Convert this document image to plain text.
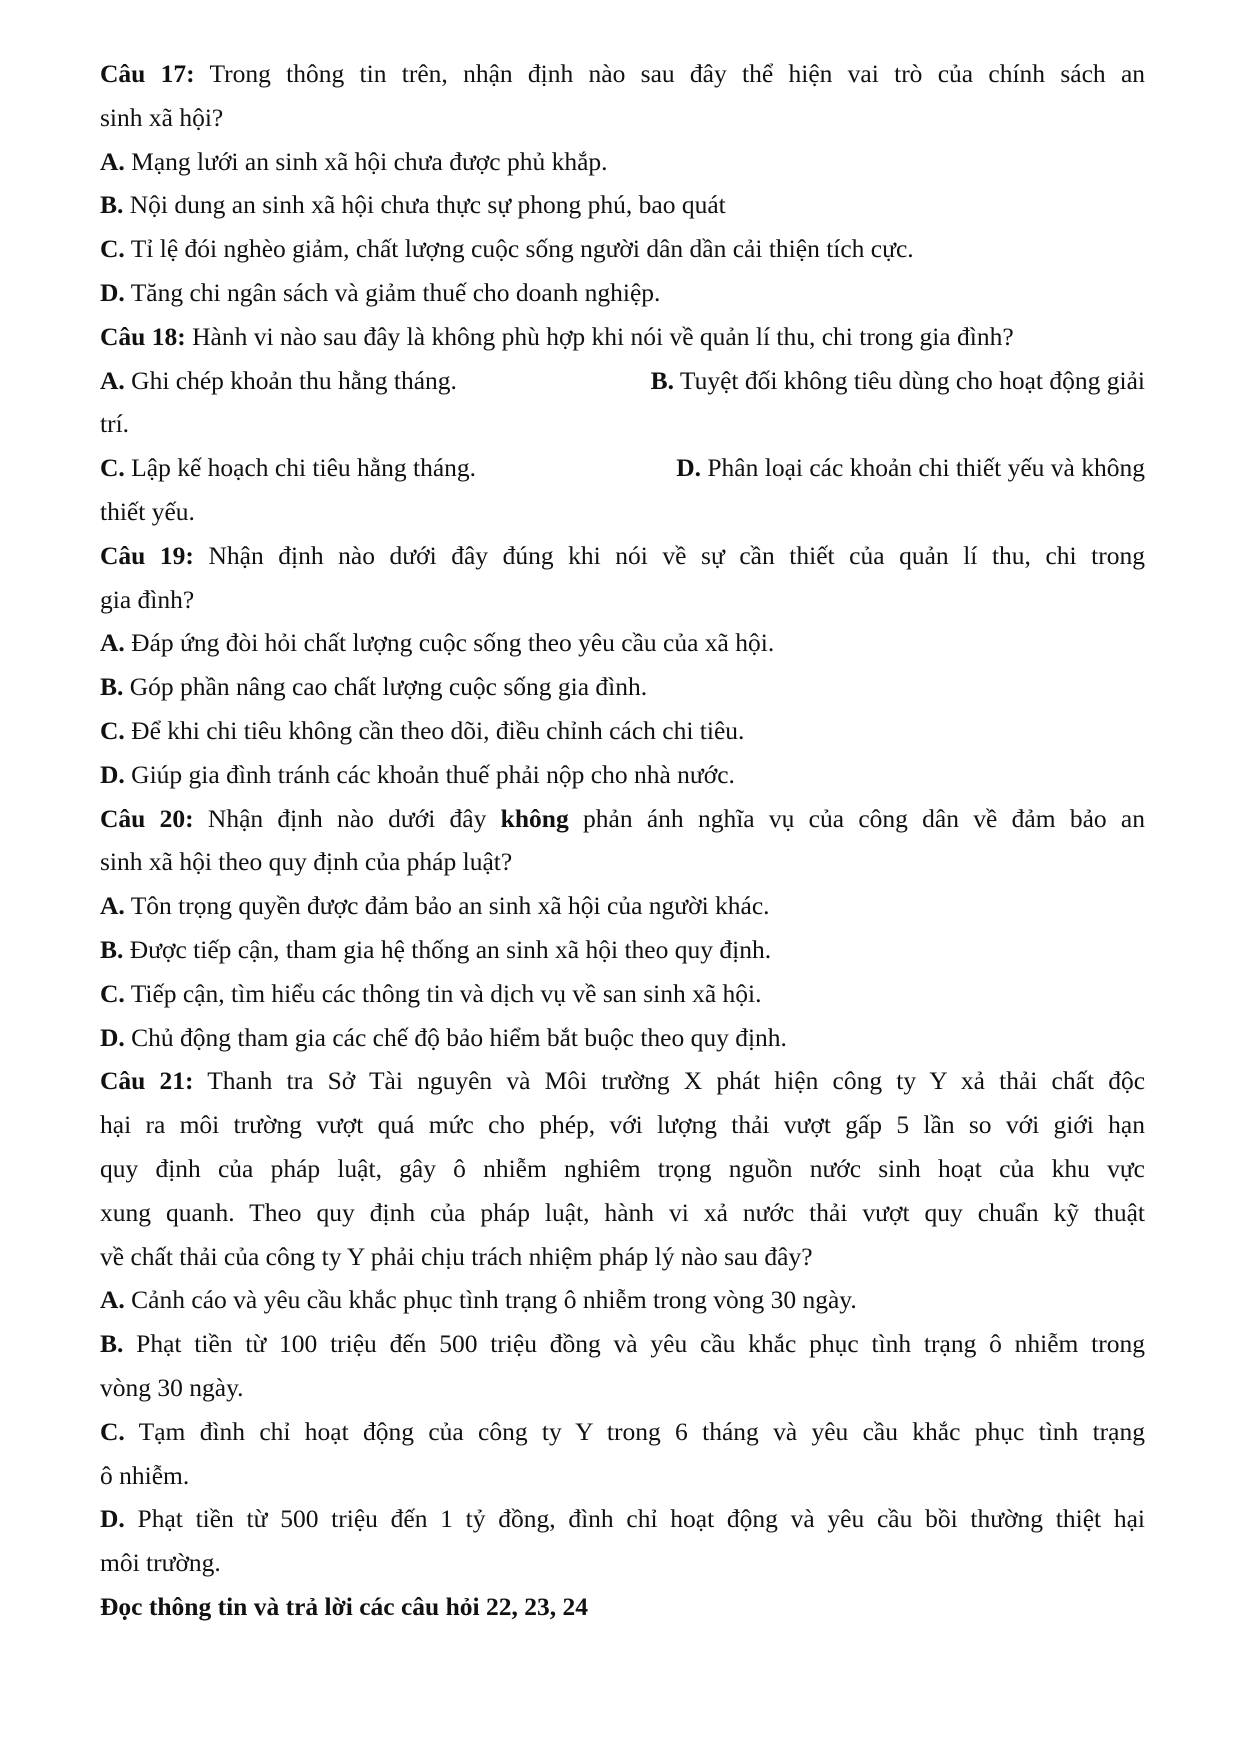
Câu 17: Trong thông tin trên, nhận định nào sau đây thể hiện vai trò của chính sách an
sinh xã hội?
A. Mạng lưới an sinh xã hội chưa được phủ khắp.
B. Nội dung an sinh xã hội chưa thực sự phong phú, bao quát
C. Tỉ lệ đói nghèo giảm, chất lượng cuộc sống người dân dần cải thiện tích cực.
D. Tăng chi ngân sách và giảm thuế cho doanh nghiệp.
Câu 18: Hành vi nào sau đây là không phù hợp khi nói về quản lí thu, chi trong gia đình?
A. Ghi chép khoản thu hằng tháng.	B. Tuyệt đối không tiêu dùng cho hoạt động giải
trí.
C. Lập kế hoạch chi tiêu hằng tháng.	D. Phân loại các khoản chi thiết yếu và không
thiết yếu.
Câu 19: Nhận định nào dưới đây đúng khi nói về sự cần thiết của quản lí thu, chi trong
gia đình?
A. Đáp ứng đòi hỏi chất lượng cuộc sống theo yêu cầu của xã hội.
B. Góp phần nâng cao chất lượng cuộc sống gia đình.
C. Để khi chi tiêu không cần theo dõi, điều chỉnh cách chi tiêu.
D. Giúp gia đình tránh các khoản thuế phải nộp cho nhà nước.
Câu 20: Nhận định nào dưới đây không phản ánh nghĩa vụ của công dân về đảm bảo an
sinh xã hội theo quy định của pháp luật?
A. Tôn trọng quyền được đảm bảo an sinh xã hội của người khác.
B. Được tiếp cận, tham gia hệ thống an sinh xã hội theo quy định.
C. Tiếp cận, tìm hiểu các thông tin và dịch vụ về san sinh xã hội.
D. Chủ động tham gia các chế độ bảo hiểm bắt buộc theo quy định.
Câu 21: Thanh tra Sở Tài nguyên và Môi trường X phát hiện công ty Y xả thải chất độc
hại ra môi trường vượt quá mức cho phép, với lượng thải vượt gấp 5 lần so với giới hạn
quy định của pháp luật, gây ô nhiễm nghiêm trọng nguồn nước sinh hoạt của khu vực
xung quanh. Theo quy định của pháp luật, hành vi xả nước thải vượt quy chuẩn kỹ thuật
về chất thải của công ty Y phải chịu trách nhiệm pháp lý nào sau đây?
A. Cảnh cáo và yêu cầu khắc phục tình trạng ô nhiễm trong vòng 30 ngày.
B. Phạt tiền từ 100 triệu đến 500 triệu đồng và yêu cầu khắc phục tình trạng ô nhiễm trong
vòng 30 ngày.
C. Tạm đình chỉ hoạt động của công ty Y trong 6 tháng và yêu cầu khắc phục tình trạng
ô nhiễm.
D. Phạt tiền từ 500 triệu đến 1 tỷ đồng, đình chỉ hoạt động và yêu cầu bồi thường thiệt hại
môi trường.
Đọc thông tin và trả lời các câu hỏi 22, 23, 24
